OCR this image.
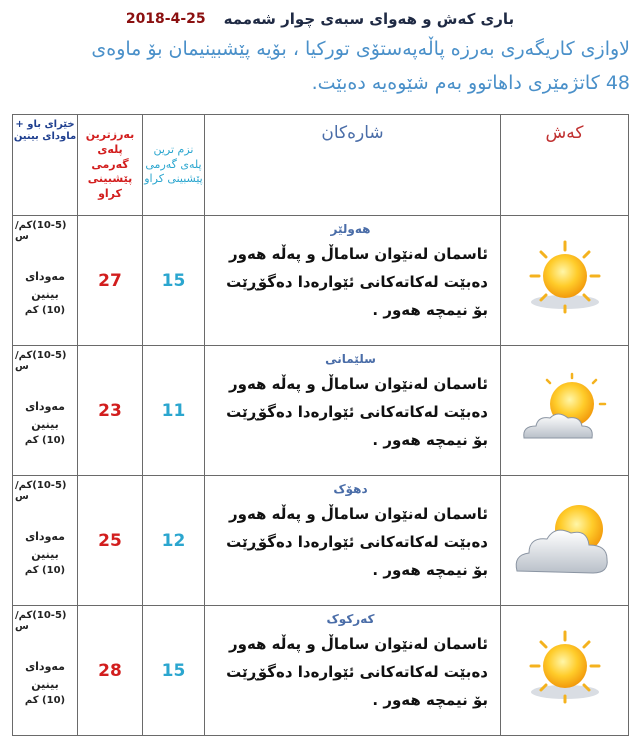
2018-4-25 باری کەش و هەوای سبەی چوار شەممە
لاوازی کاریگەری بەرزە پاڵەپەستۆی تورکیا ، بۆیە پێشبینیمان بۆ ماوەی
48 کاتژمێری داهاتوو بەم شێوەیە دەبێت.
خێرای باو + ماودای بینین	بەرزترین پلەی گەرمی پێشبینی کراو	نزم ترین پلەی گەرمی پێشبینی کراو	شارەکان	کەش

(10-5)کم/س
مەودای بینین
(10) کم	27	15	هەولێر
ئاسمان لەنێوان ساماڵ و پەڵە هەور دەبێت لەکاتەکانی ئێوارەدا دەگۆڕێت بۆ نیمچە هەور .

(10-5)کم/س
مەودای بینین
(10) کم	23	11	سلێمانی
ئاسمان لەنێوان ساماڵ و پەڵە هەور دەبێت لەکاتەکانی ئێوارەدا دەگۆڕێت بۆ نیمچە هەور .

(10-5)کم/س
مەودای بینین
(10) کم	25	12	دهۆک
ئاسمان لەنێوان ساماڵ و پەڵە هەور دەبێت لەکاتەکانی ئێوارەدا دەگۆڕێت بۆ نیمچە هەور .

(10-5)کم/س
مەودای بینین
(10) کم	28	15	کەرکوک
ئاسمان لەنێوان ساماڵ و پەڵە هەور دەبێت لەکاتەکانی ئێوارەدا دەگۆڕێت بۆ نیمچە هەور .
